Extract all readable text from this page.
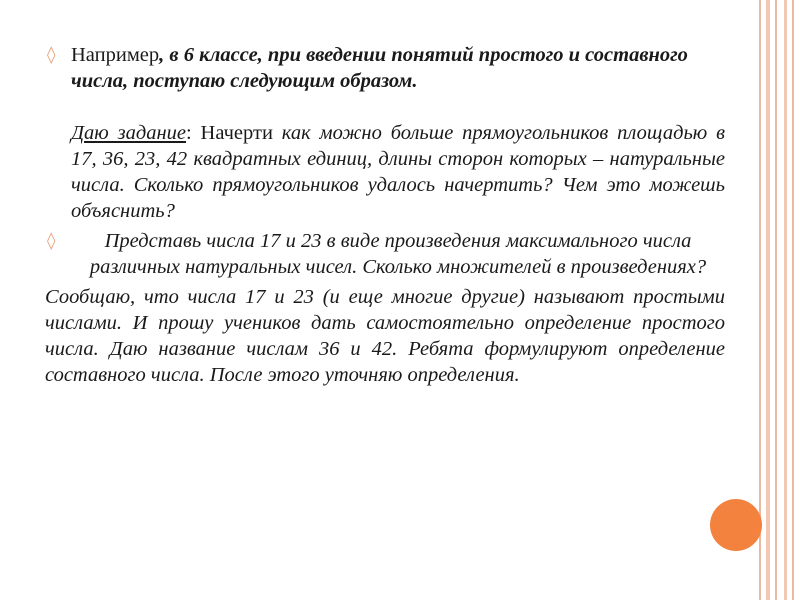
◊ Например, в 6 классе, при введении понятий простого и составного числа, поступаю следующим образом.

Даю задание: Начерти как можно больше прямоугольников площадью в 17, 36, 23, 42 квадратных единиц, длины сторон которых – натуральные числа. Сколько прямоугольников удалось начертить? Чем это можешь объяснить?

◊ Представь числа 17 и 23 в виде произведения максимального числа различных натуральных чисел. Сколько множителей в произведениях?

Сообщаю, что числа 17 и 23 (и еще многие другие) называют простыми числами. И прошу учеников дать самостоятельно определение простого числа. Даю название числам 36 и 42. Ребята формулируют определение составного числа. После этого уточняю определения.
